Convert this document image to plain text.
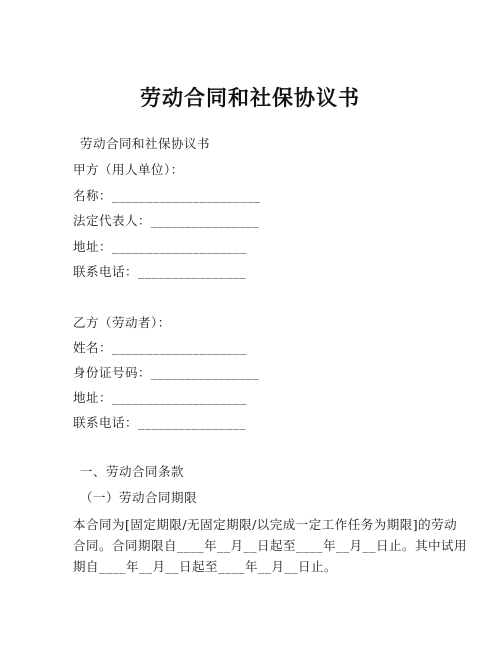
劳动合同和社保协议书
劳动合同和社保协议书
甲方（用人单位）：
名称：______________________
法定代表人：________________
地址：____________________
联系电话：________________
乙方（劳动者）：
姓名：____________________
身份证号码：________________
地址：____________________
联系电话：________________
一、劳动合同条款
（一）劳动合同期限
本合同为[固定期限/无固定期限/以完成一定工作任务为期限]的劳动
合同。合同期限自____年__月__日起至____年__月__日止。其中试用
期自____年__月__日起至____年__月__日止。
